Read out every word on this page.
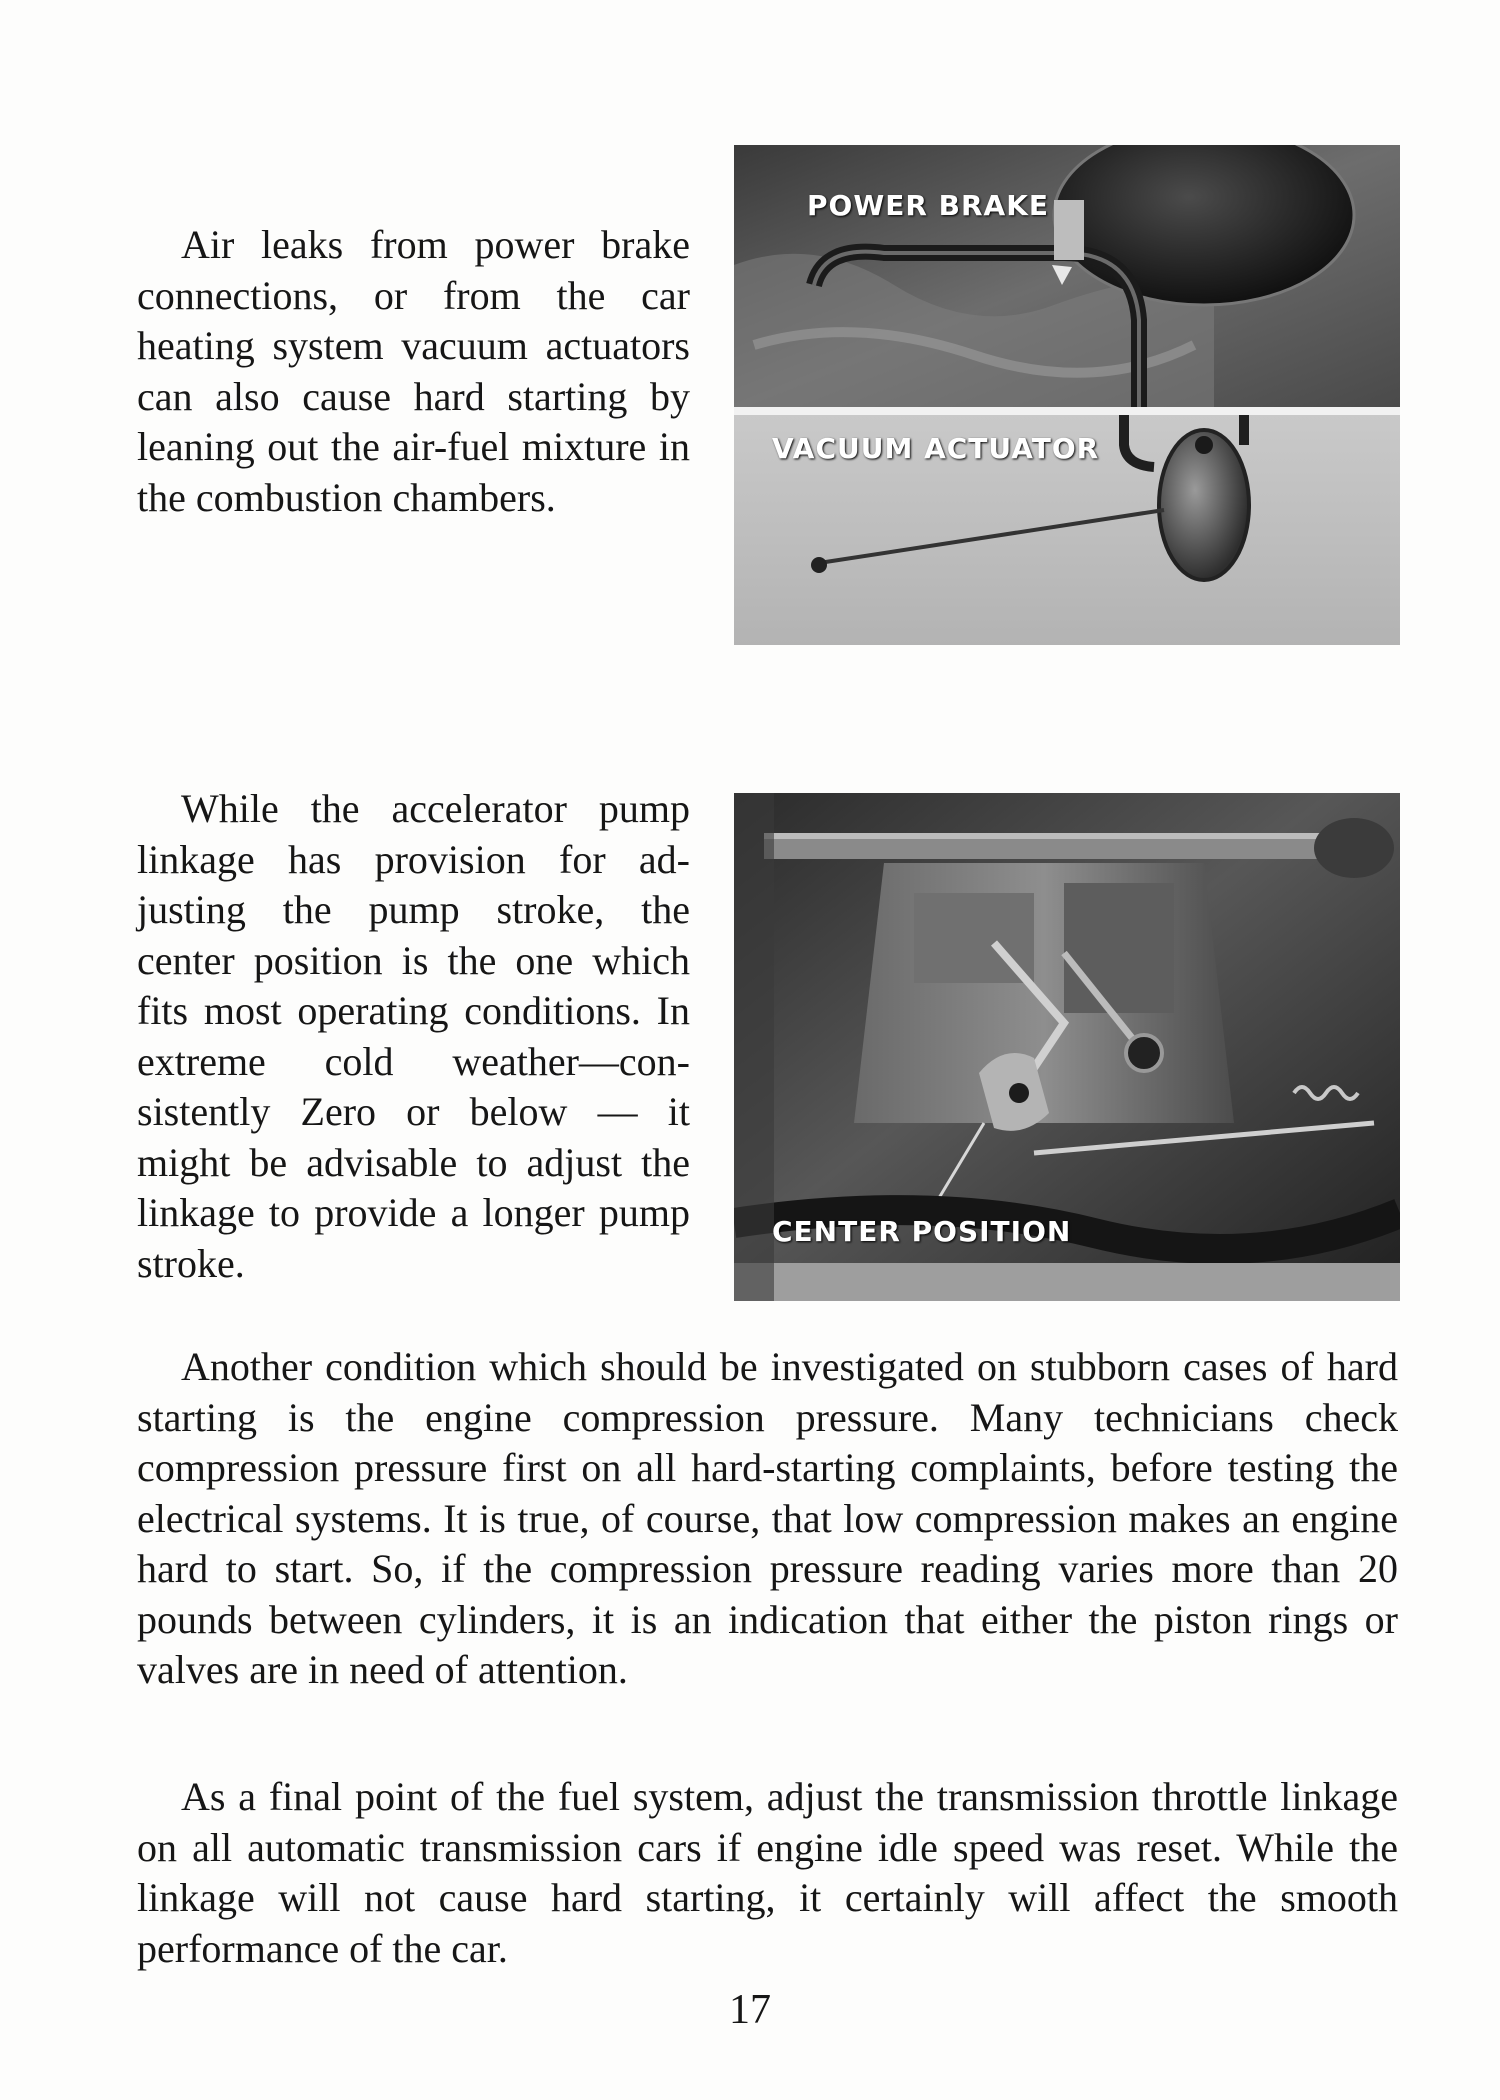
Air leaks from power brake connections, or from the car heating system vacuum actuators can also cause hard starting by leaning out the air-fuel mixture in the combustion chambers.

POWER BRAKE
VACUUM ACTUATOR

While the accelerator pump linkage has provision for adjusting the pump stroke, the center position is the one which fits most operating conditions. In extreme cold weather—consistently Zero or below — it might be advisable to adjust the linkage to provide a longer pump stroke.

CENTER POSITION

Another condition which should be investigated on stubborn cases of hard starting is the engine compression pressure. Many technicians check compression pressure first on all hard-starting complaints, before testing the electrical systems. It is true, of course, that low compression makes an engine hard to start. So, if the compression pressure reading varies more than 20 pounds between cylinders, it is an indication that either the piston rings or valves are in need of attention.

As a final point of the fuel system, adjust the transmission throttle linkage on all automatic transmission cars if engine idle speed was reset. While the linkage will not cause hard starting, it certainly will affect the smooth performance of the car.

17
